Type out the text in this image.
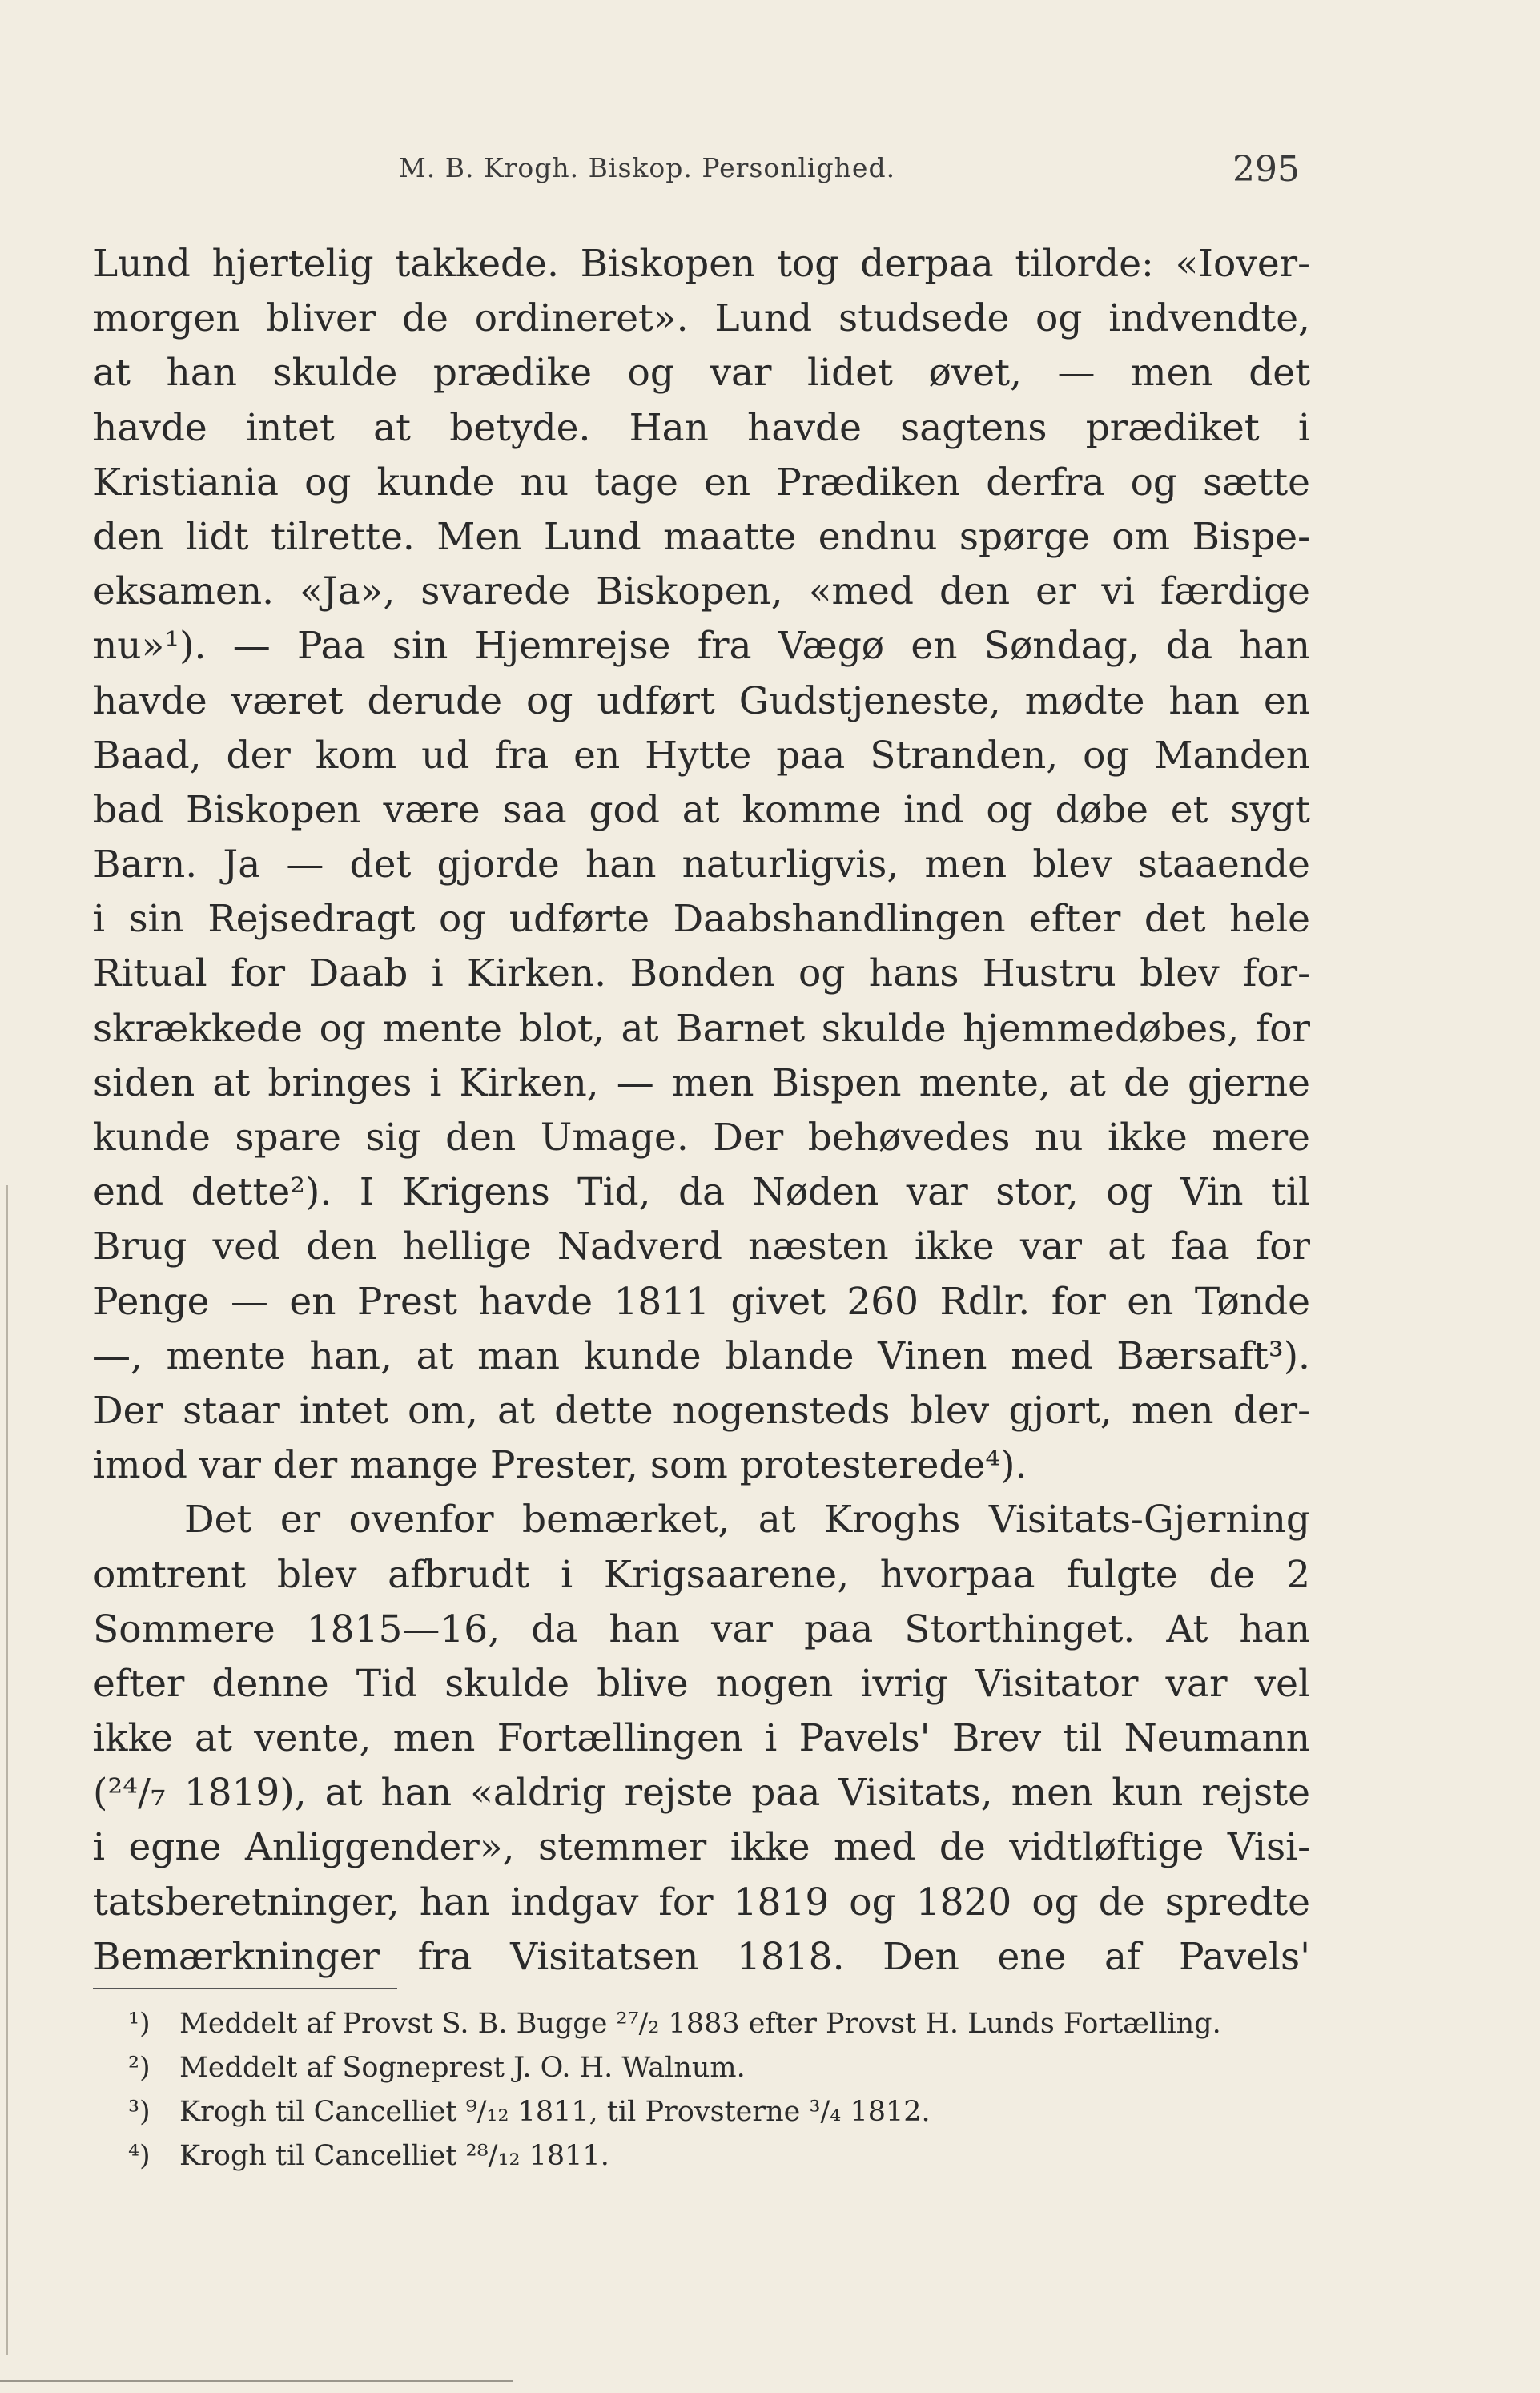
M. B. Krogh. Biskop. Personlighed.	295
Lund hjertelig takkede. Biskopen tog derpaa tilorde: «Iover-
morgen bliver de ordineret». Lund studsede og indvendte,
at han skulde prædike og var lidet øvet, — men det
havde intet at betyde. Han havde sagtens prædiket i
Kristiania og kunde nu tage en Prædiken derfra og sætte
den lidt tilrette. Men Lund maatte endnu spørge om Bispe-
eksamen. «Ja», svarede Biskopen, «med den er vi færdige
nu»¹). — Paa sin Hjemrejse fra Vægø en Søndag, da han
havde været derude og udført Gudstjeneste, mødte han en
Baad, der kom ud fra en Hytte paa Stranden, og Manden
bad Biskopen være saa god at komme ind og døbe et sygt
Barn. Ja — det gjorde han naturligvis, men blev staaende
i sin Rejsedragt og udførte Daabshandlingen efter det hele
Ritual for Daab i Kirken. Bonden og hans Hustru blev for-
skrækkede og mente blot, at Barnet skulde hjemmedøbes, for
siden at bringes i Kirken, — men Bispen mente, at de gjerne
kunde spare sig den Umage. Der behøvedes nu ikke mere
end dette²). I Krigens Tid, da Nøden var stor, og Vin til
Brug ved den hellige Nadverd næsten ikke var at faa for
Penge — en Prest havde 1811 givet 260 Rdlr. for en Tønde
—, mente han, at man kunde blande Vinen med Bærsaft³).
Der staar intet om, at dette nogensteds blev gjort, men der-
imod var der mange Prester, som protesterede⁴).
Det er ovenfor bemærket, at Kroghs Visitats-Gjerning
omtrent blev afbrudt i Krigsaarene, hvorpaa fulgte de 2
Sommere 1815—16, da han var paa Storthinget. At han
efter denne Tid skulde blive nogen ivrig Visitator var vel
ikke at vente, men Fortællingen i Pavels' Brev til Neumann
(²⁴/₇ 1819), at han «aldrig rejste paa Visitats, men kun rejste
i egne Anliggender», stemmer ikke med de vidtløftige Visi-
tatsberetninger, han indgav for 1819 og 1820 og de spredte
Bemærkninger fra Visitatsen 1818. Den ene af Pavels'
¹) Meddelt af Provst S. B. Bugge ²⁷/₂ 1883 efter Provst H. Lunds Fortælling.
²) Meddelt af Sogneprest J. O. H. Walnum.
³) Krogh til Cancelliet ⁹/₁₂ 1811, til Provsterne ³/₄ 1812.
⁴) Krogh til Cancelliet ²⁸/₁₂ 1811.
